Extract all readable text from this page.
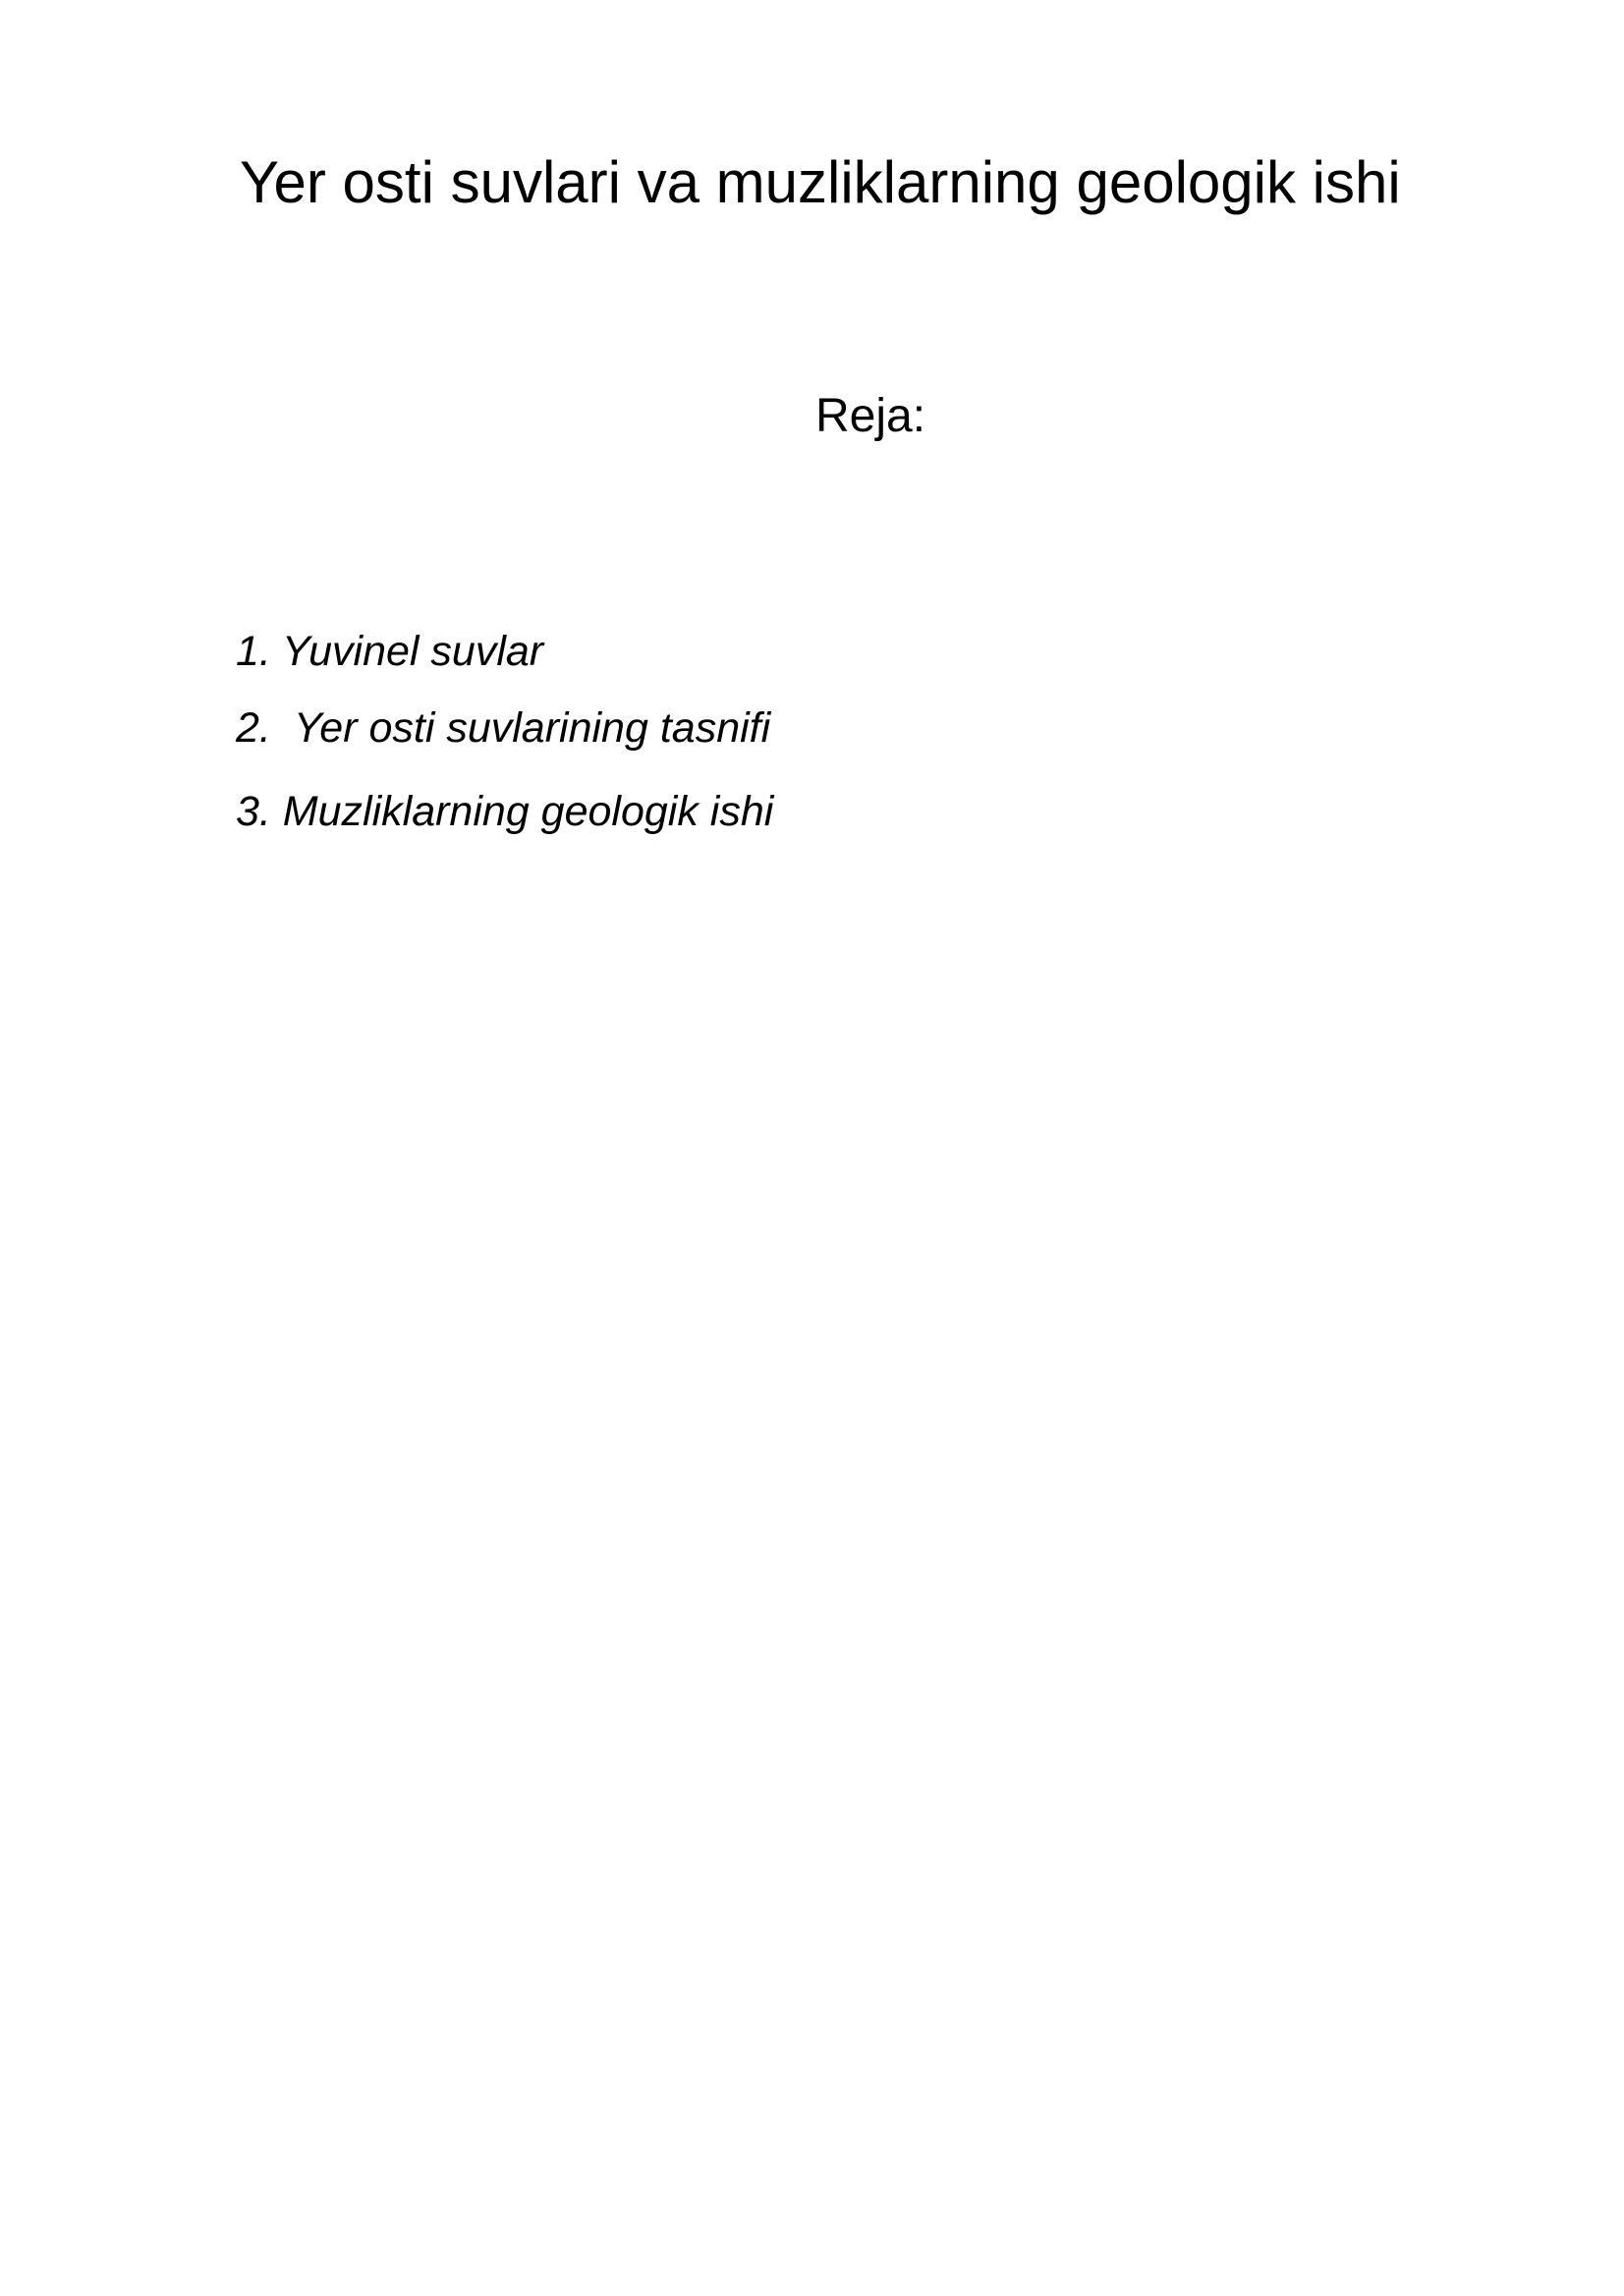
Yer osti suvlari va muzliklarning geologik ishi
Reja:
1. Yuvinel suvlar
2.  Yer osti suvlarining tasnifi
3. Muzliklarning geologik ishi
